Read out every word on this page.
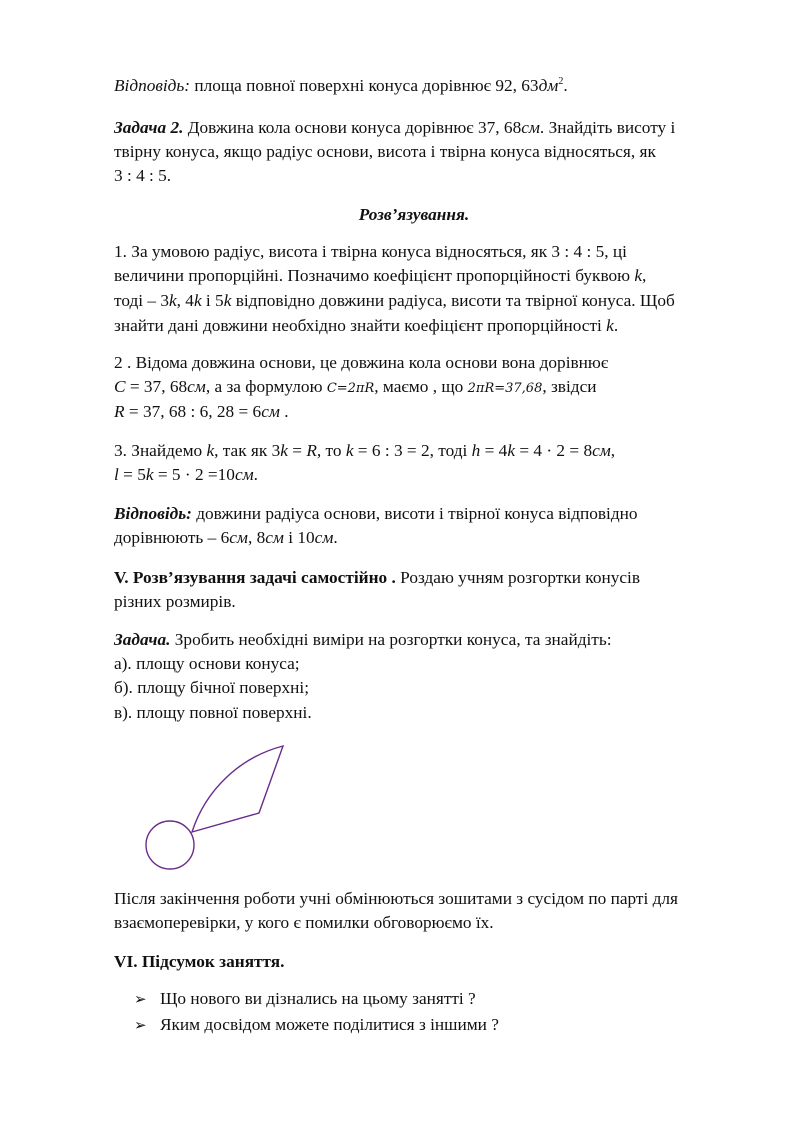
Відповідь: площа повної поверхні конуса дорівнює 92, $63дм^2$.

Задача 2. Довжина кола основи конуса дорівнює 37, 68см. Знайдіть висоту і

твірну конуса, якщо радіус основи, висота і твірна конуса відносяться, як

3 : 4 : 5.

Розв’язування.

1. За умовою радіус, висота і твірна конуса відносяться, як 3 : 4 : 5, ці

величини пропорційні. Позначимо коефіцієнт пропорційності буквою k,

тоді – 3k, 4k і 5k відповідно довжини радіуса, висоти та твірної конуса. Щоб

знайти дані довжини необхідно знайти коефіцієнт пропорційності k.

2 . Відома довжина основи, це довжина кола основи вона дорівнює

C = 37, 68см, а за формулою C=2πR, маємо , що 2πR=37,68, звідси

R = 37, 68 : 6, 28 = 6см .

3. Знайдемо k, так як 3k = R, то k = 6 : 3 = 2, тоді h = 4k = 4 · 2 = 8см,

l = 5k = 5 · 2 =10см.

Відповідь: довжини радіуса основи, висоти і твірної конуса відповідно

дорівнюють – 6см, 8см і 10см.

V. Розв’язування задачі самостійно . Роздаю учням розгортки конусів

різних розмирів.

Задача. Зробить необхідні виміри на розгортки конуса, та знайдіть:

а). площу основи конуса;

б). площу бічної поверхні;

в). площу повної поверхні.

Після закінчення роботи учні обмінюються зошитами з сусідом по парті для

взаємоперевірки, у кого є помилки обговорюємо їх.

VI. Підсумок заняття.

➢ Що нового ви дізнались на цьому занятті ?
➢ Яким досвідом можете поділитися з іншими ?
